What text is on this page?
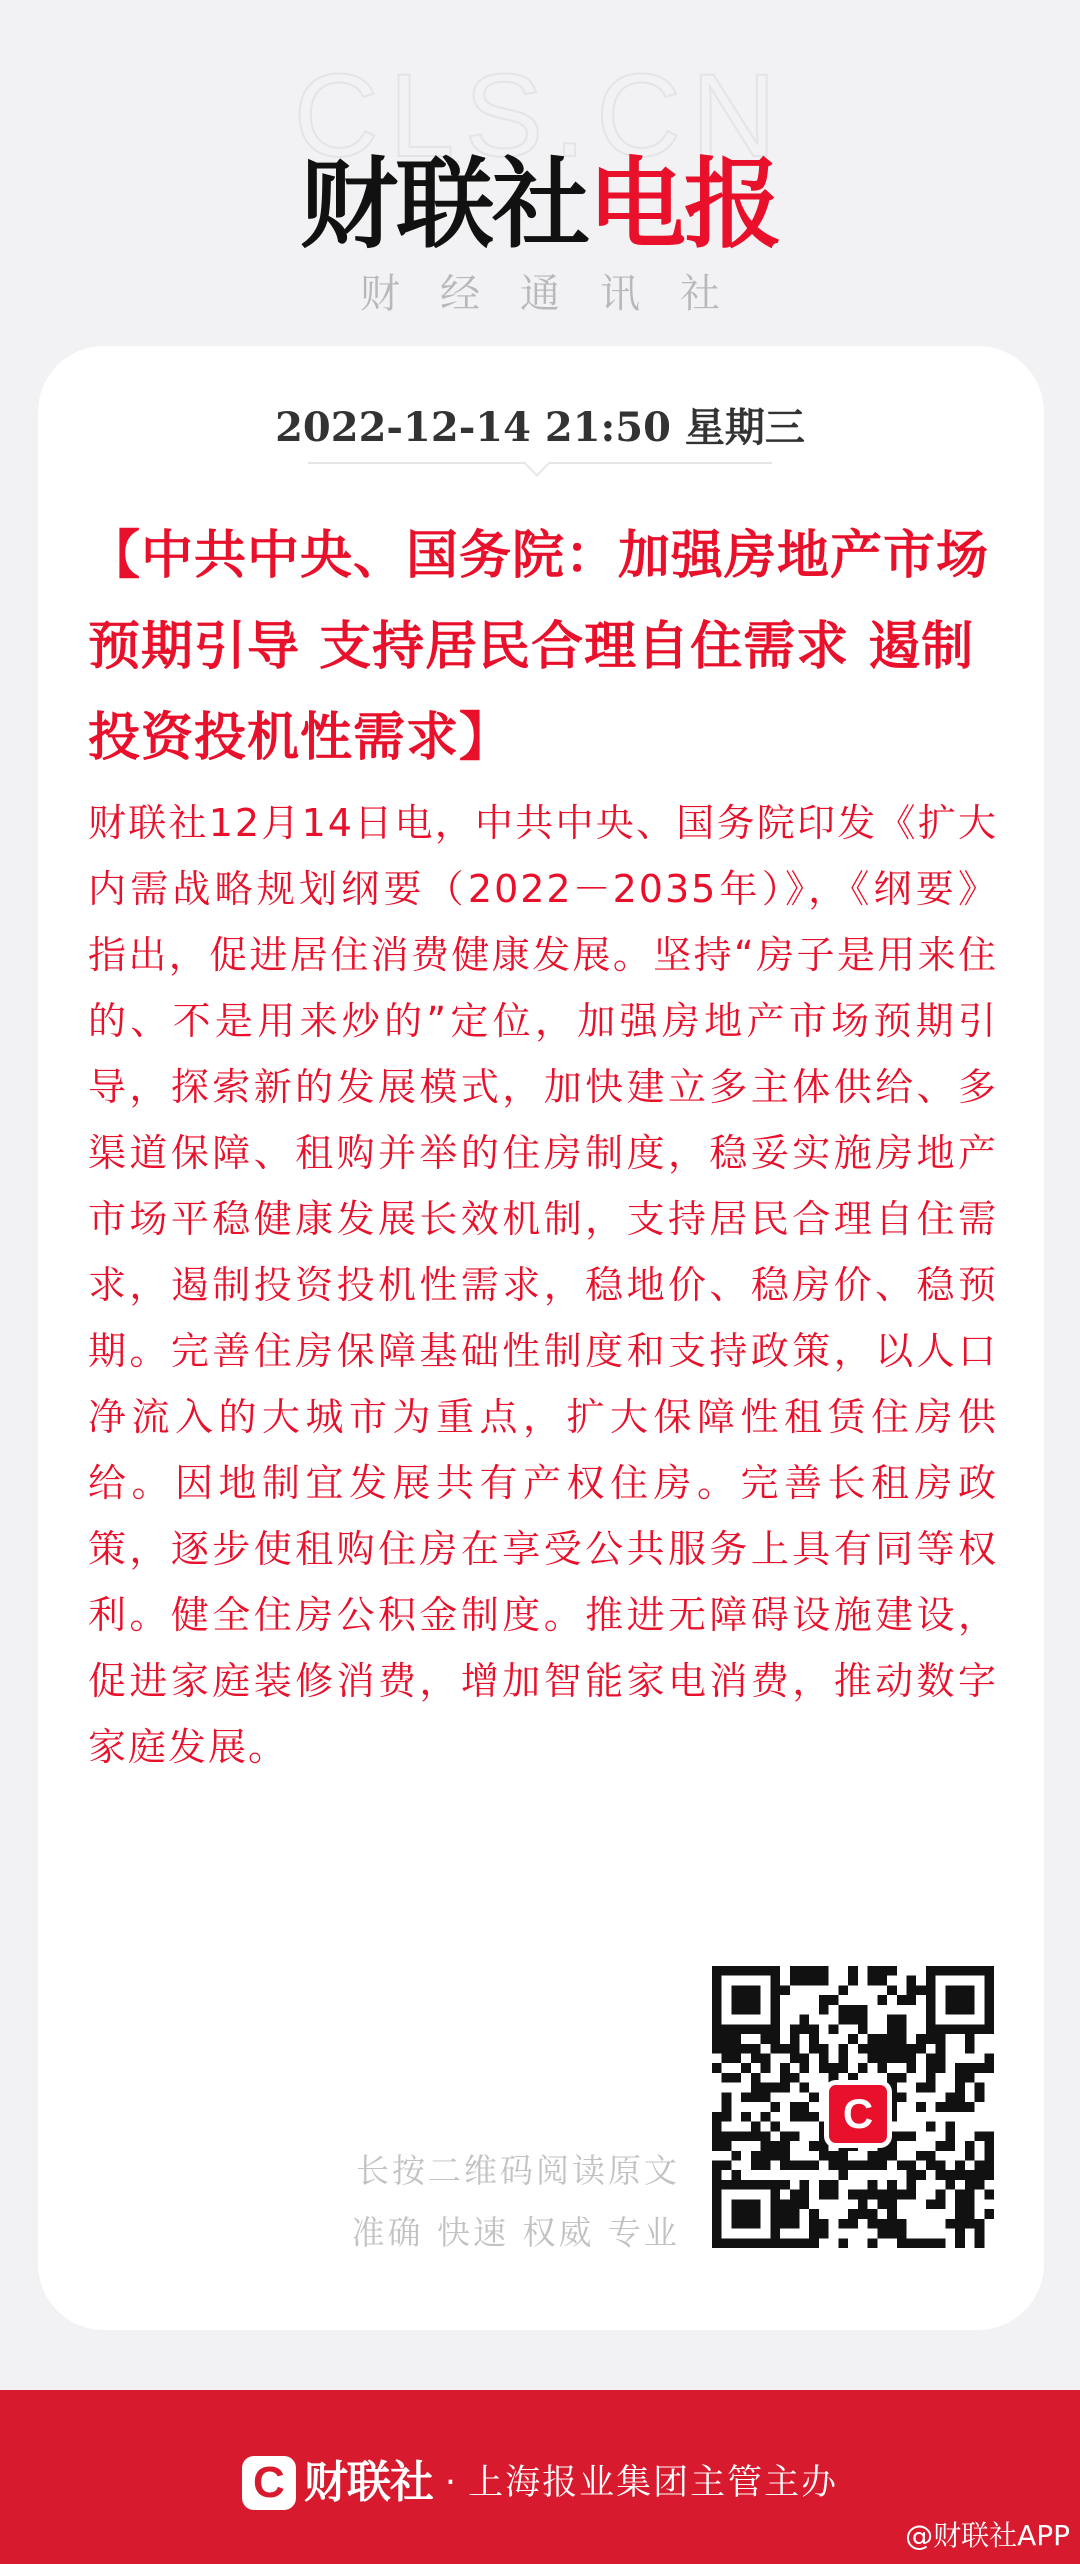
CLS.CN
财联社电报
财经通讯社
2022-12-14 21:50 星期三
【中共中央、国务院：加强房地产市场预期引导 支持居民合理自住需求 遏制投资投机性需求】
财联社12月14日电，中共中央、国务院印发《扩大内需战略规划纲要（2022－2035年）》，《纲要》指出，促进居住消费健康发展。坚持“房子是用来住的、不是用来炒的”定位，加强房地产市场预期引导，探索新的发展模式，加快建立多主体供给、多渠道保障、租购并举的住房制度，稳妥实施房地产市场平稳健康发展长效机制，支持居民合理自住需求，遏制投资投机性需求，稳地价、稳房价、稳预期。完善住房保障基础性制度和支持政策，以人口净流入的大城市为重点，扩大保障性租赁住房供给。因地制宜发展共有产权住房。完善长租房政策，逐步使租购住房在享受公共服务上具有同等权利。健全住房公积金制度。推进无障碍设施建设，促进家庭装修消费，增加智能家电消费，推动数字家庭发展。
长按二维码阅读原文
准确 快速 权威 专业
C
C 财联社 · 上海报业集团主管主办
@财联社APP
